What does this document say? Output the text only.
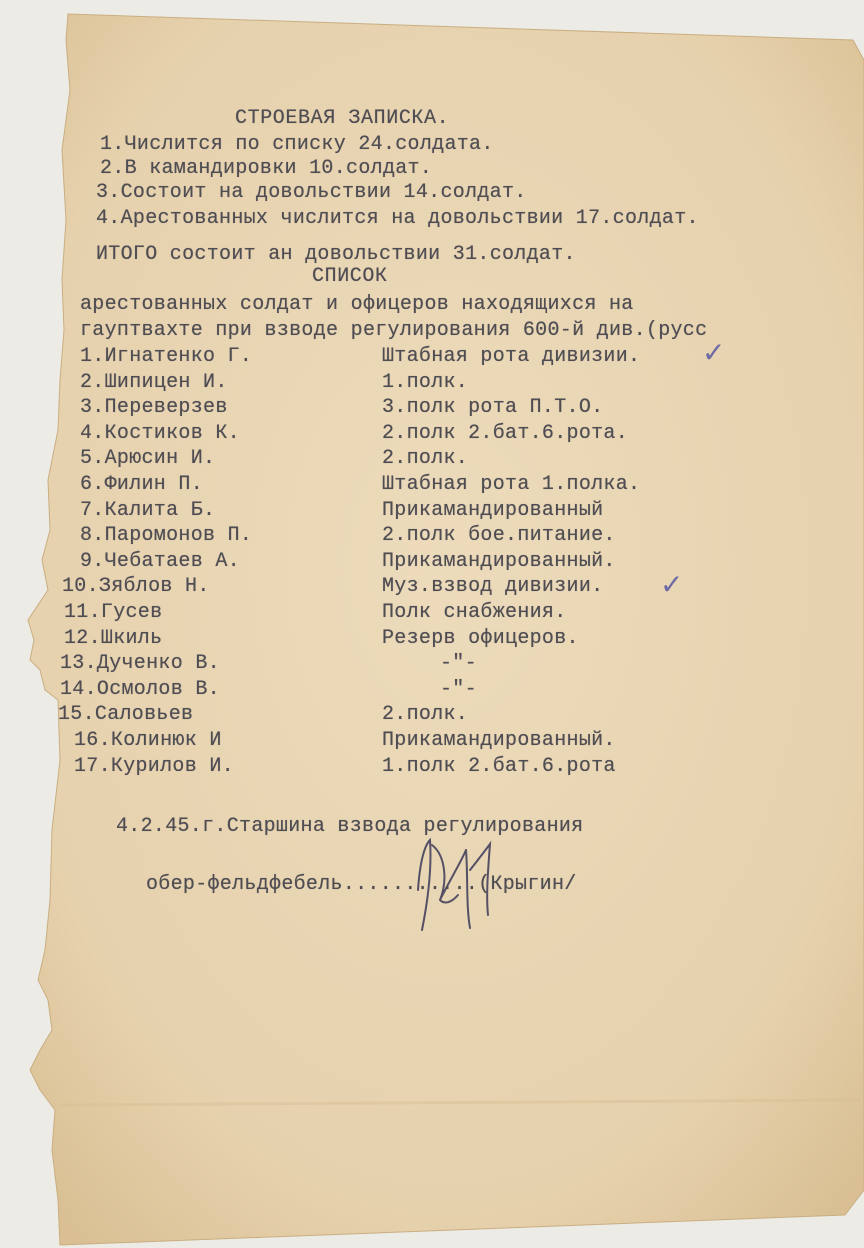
СТРОЕВАЯ ЗАПИСКА.
1.Числится по списку 24.солдата.
2.В камандировки 10.солдат.
3.Состоит на довольствии 14.солдат.
4.Арестованных числится на довольствии 17.солдат.
ИТОГО состоит ан довольствии 31.солдат.
СПИСОК
арестованных солдат и офицеров находящихся на
гауптвахте при взводе регулирования 600-й див.(русс
1.Игнатенко Г.	Штабная рота дивизии.
2.Шипицен И.	1.полк.
3.Переверзев	3.полк рота П.Т.О.
4.Костиков К.	2.полк 2.бат.6.рота.
5.Арюсин И.	2.полк.
6.Филин П.	Штабная рота 1.полка.
7.Калита Б.	Прикамандированный
8.Паромонов П.	2.полк бое.питание.
9.Чебатаев А.	Прикамандированный.
10.Зяблов Н.	Муз.взвод дивизии.
11.Гусев	Полк снабжения.
12.Шкиль	Резерв офицеров.
13.Дученко В.	-"-
14.Осмолов В.	-"-
15.Саловьев	2.полк.
16.Колинюк И	Прикамандированный.
17.Курилов И.	1.полк 2.бат.6.рота
✓
✓
4.2.45.г.Старшина взвода регулирования
обер-фельдфебель...........(Крыгин/
